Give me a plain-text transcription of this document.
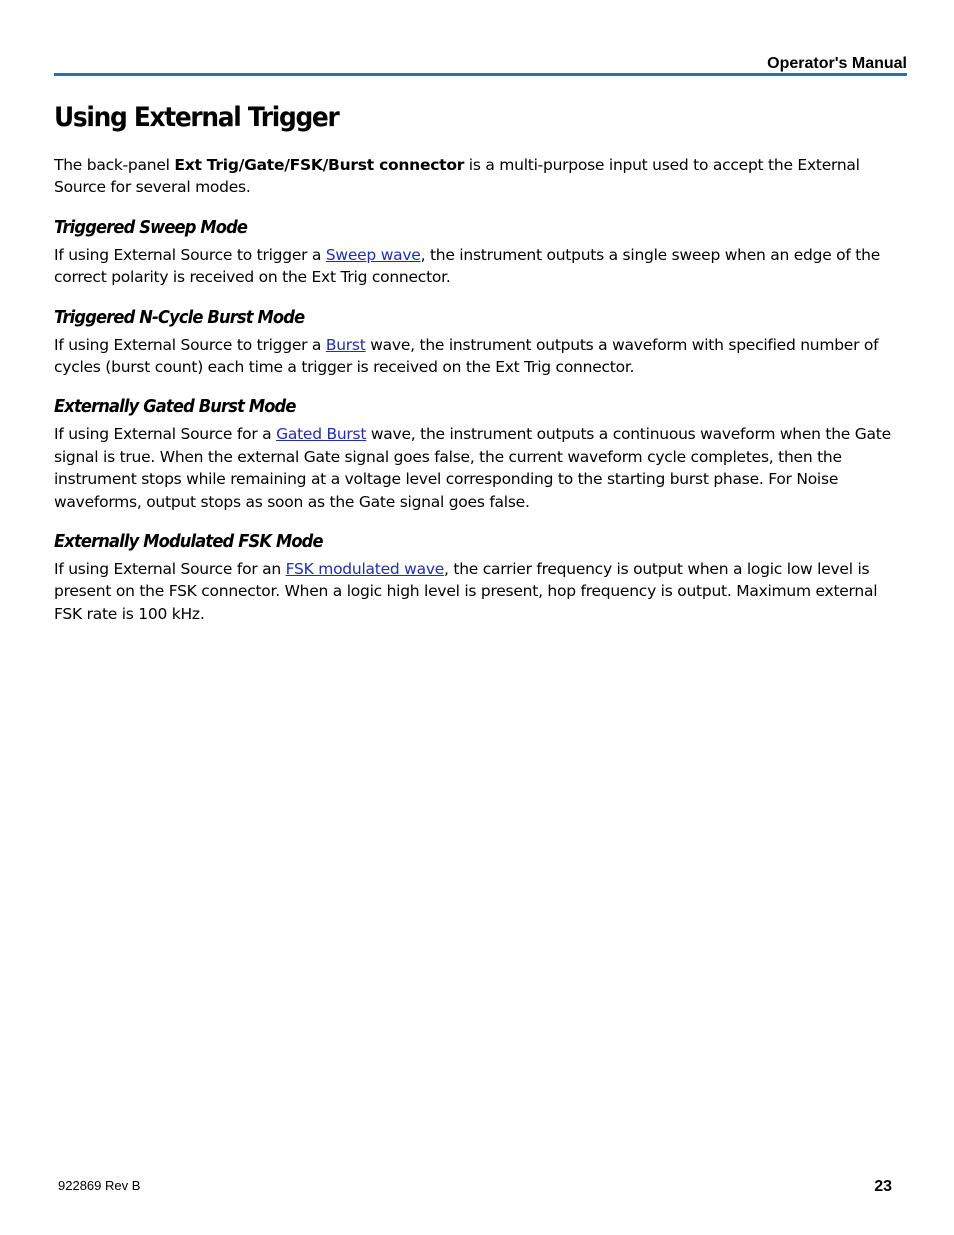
Operator's Manual
Using External Trigger

The back-panel Ext Trig/Gate/FSK/Burst connector is a multi-purpose input used to accept the External Source for several modes.

Triggered Sweep Mode

If using External Source to trigger a Sweep wave, the instrument outputs a single sweep when an edge of the correct polarity is received on the Ext Trig connector.

Triggered N-Cycle Burst Mode

If using External Source to trigger a Burst wave, the instrument outputs a waveform with specified number of cycles (burst count) each time a trigger is received on the Ext Trig connector.

Externally Gated Burst Mode

If using External Source for a Gated Burst wave, the instrument outputs a continuous waveform when the Gate signal is true. When the external Gate signal goes false, the current waveform cycle completes, then the instrument stops while remaining at a voltage level corresponding to the starting burst phase. For Noise waveforms, output stops as soon as the Gate signal goes false.

Externally Modulated FSK Mode

If using External Source for an FSK modulated wave, the carrier frequency is output when a logic low level is present on the FSK connector. When a logic high level is present, hop frequency is output. Maximum external FSK rate is 100 kHz.

922869 Rev B	23
